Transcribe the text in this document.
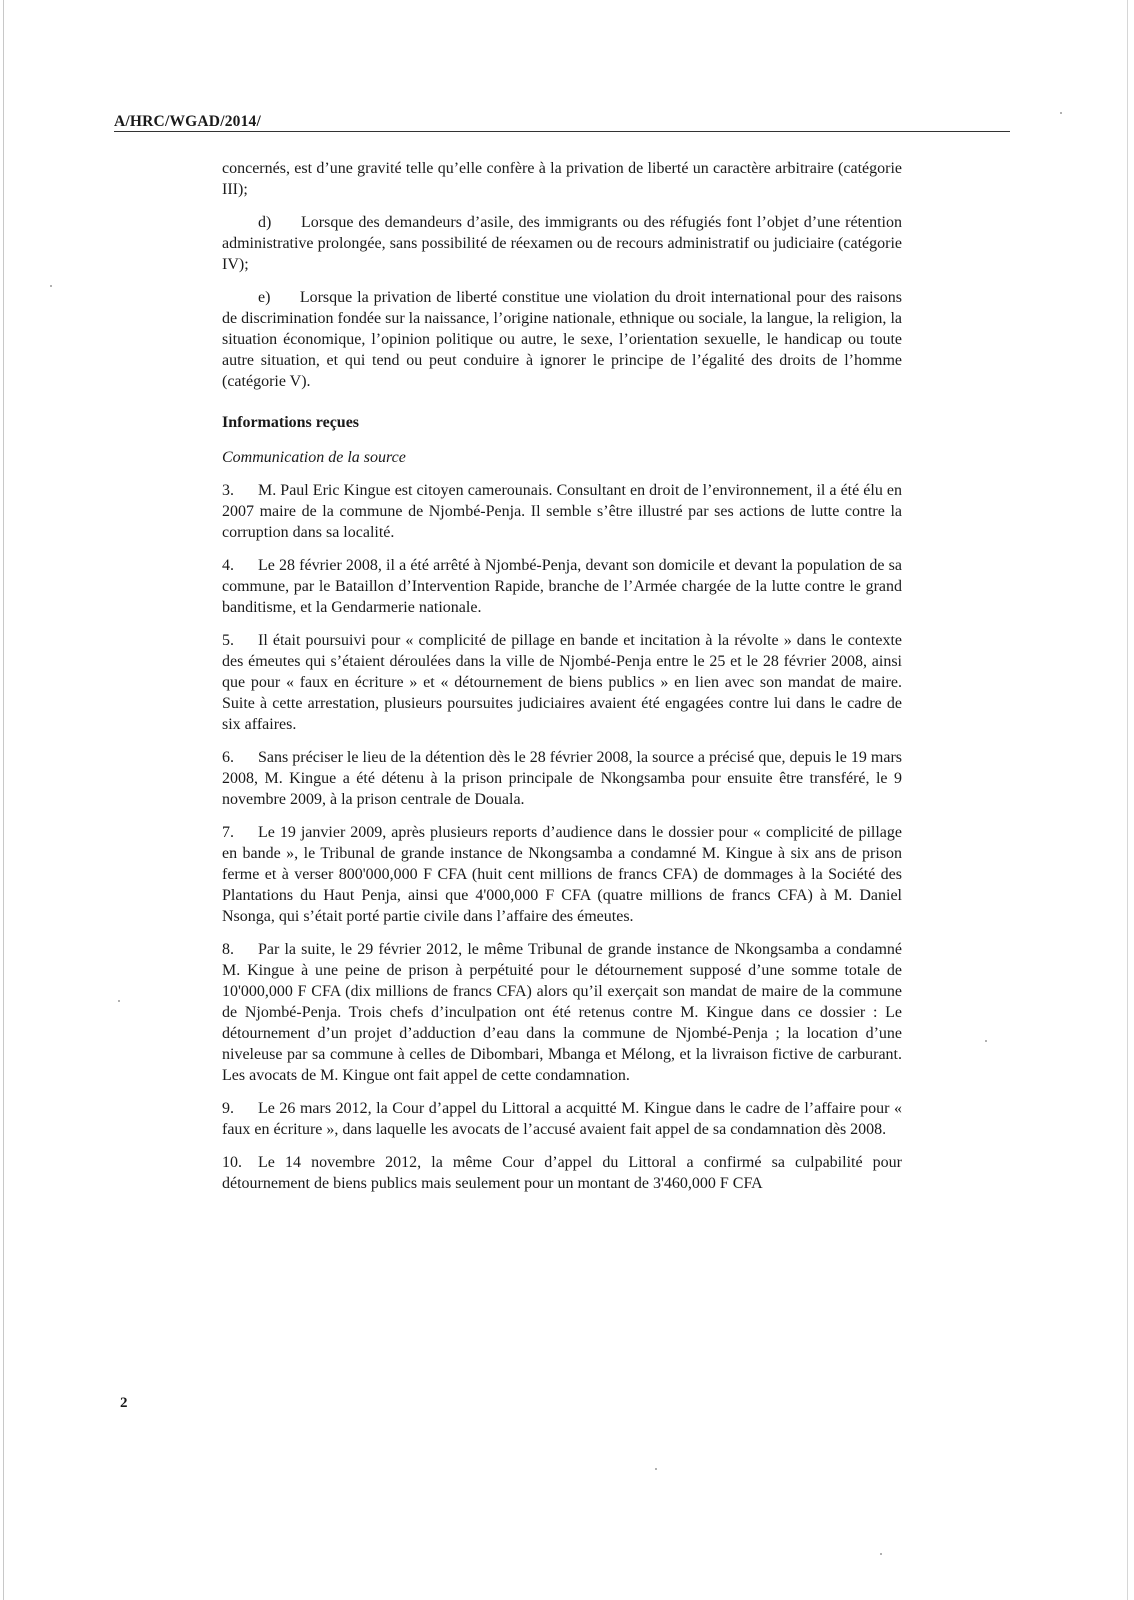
A/HRC/WGAD/2014/

concernés, est d’une gravité telle qu’elle confère à la privation de liberté un caractère arbitraire (catégorie III);

d) Lorsque des demandeurs d’asile, des immigrants ou des réfugiés font l’objet d’une rétention administrative prolongée, sans possibilité de réexamen ou de recours administratif ou judiciaire (catégorie IV);

e) Lorsque la privation de liberté constitue une violation du droit international pour des raisons de discrimination fondée sur la naissance, l’origine nationale, ethnique ou sociale, la langue, la religion, la situation économique, l’opinion politique ou autre, le sexe, l’orientation sexuelle, le handicap ou toute autre situation, et qui tend ou peut conduire à ignorer le principe de l’égalité des droits de l’homme (catégorie V).

Informations reçues
Communication de la source

3. M. Paul Eric Kingue est citoyen camerounais. Consultant en droit de l’environnement, il a été élu en 2007 maire de la commune de Njombé-Penja. Il semble s’être illustré par ses actions de lutte contre la corruption dans sa localité.

4. Le 28 février 2008, il a été arrêté à Njombé-Penja, devant son domicile et devant la population de sa commune, par le Bataillon d’Intervention Rapide, branche de l’Armée chargée de la lutte contre le grand banditisme, et la Gendarmerie nationale.

5. Il était poursuivi pour « complicité de pillage en bande et incitation à la révolte » dans le contexte des émeutes qui s’étaient déroulées dans la ville de Njombé-Penja entre le 25 et le 28 février 2008, ainsi que pour « faux en écriture » et « détournement de biens publics » en lien avec son mandat de maire. Suite à cette arrestation, plusieurs poursuites judiciaires avaient été engagées contre lui dans le cadre de six affaires.

6. Sans préciser le lieu de la détention dès le 28 février 2008, la source a précisé que, depuis le 19 mars 2008, M. Kingue a été détenu à la prison principale de Nkongsamba pour ensuite être transféré, le 9 novembre 2009, à la prison centrale de Douala.

7. Le 19 janvier 2009, après plusieurs reports d’audience dans le dossier pour « complicité de pillage en bande », le Tribunal de grande instance de Nkongsamba a condamné M. Kingue à six ans de prison ferme et à verser 800'000,000 F CFA (huit cent millions de francs CFA) de dommages à la Société des Plantations du Haut Penja, ainsi que 4'000,000 F CFA (quatre millions de francs CFA) à M. Daniel Nsonga, qui s’était porté partie civile dans l’affaire des émeutes.

8. Par la suite, le 29 février 2012, le même Tribunal de grande instance de Nkongsamba a condamné M. Kingue à une peine de prison à perpétuité pour le détournement supposé d’une somme totale de 10'000,000 F CFA (dix millions de francs CFA) alors qu’il exerçait son mandat de maire de la commune de Njombé-Penja. Trois chefs d’inculpation ont été retenus contre M. Kingue dans ce dossier : Le détournement d’un projet d’adduction d’eau dans la commune de Njombé-Penja ; la location d’une niveleuse par sa commune à celles de Dibombari, Mbanga et Mélong, et la livraison fictive de carburant. Les avocats de M. Kingue ont fait appel de cette condamnation.

9. Le 26 mars 2012, la Cour d’appel du Littoral a acquitté M. Kingue dans le cadre de l’affaire pour « faux en écriture », dans laquelle les avocats de l’accusé avaient fait appel de sa condamnation dès 2008.

10. Le 14 novembre 2012, la même Cour d’appel du Littoral a confirmé sa culpabilité pour détournement de biens publics mais seulement pour un montant de 3'460,000 F CFA

2
